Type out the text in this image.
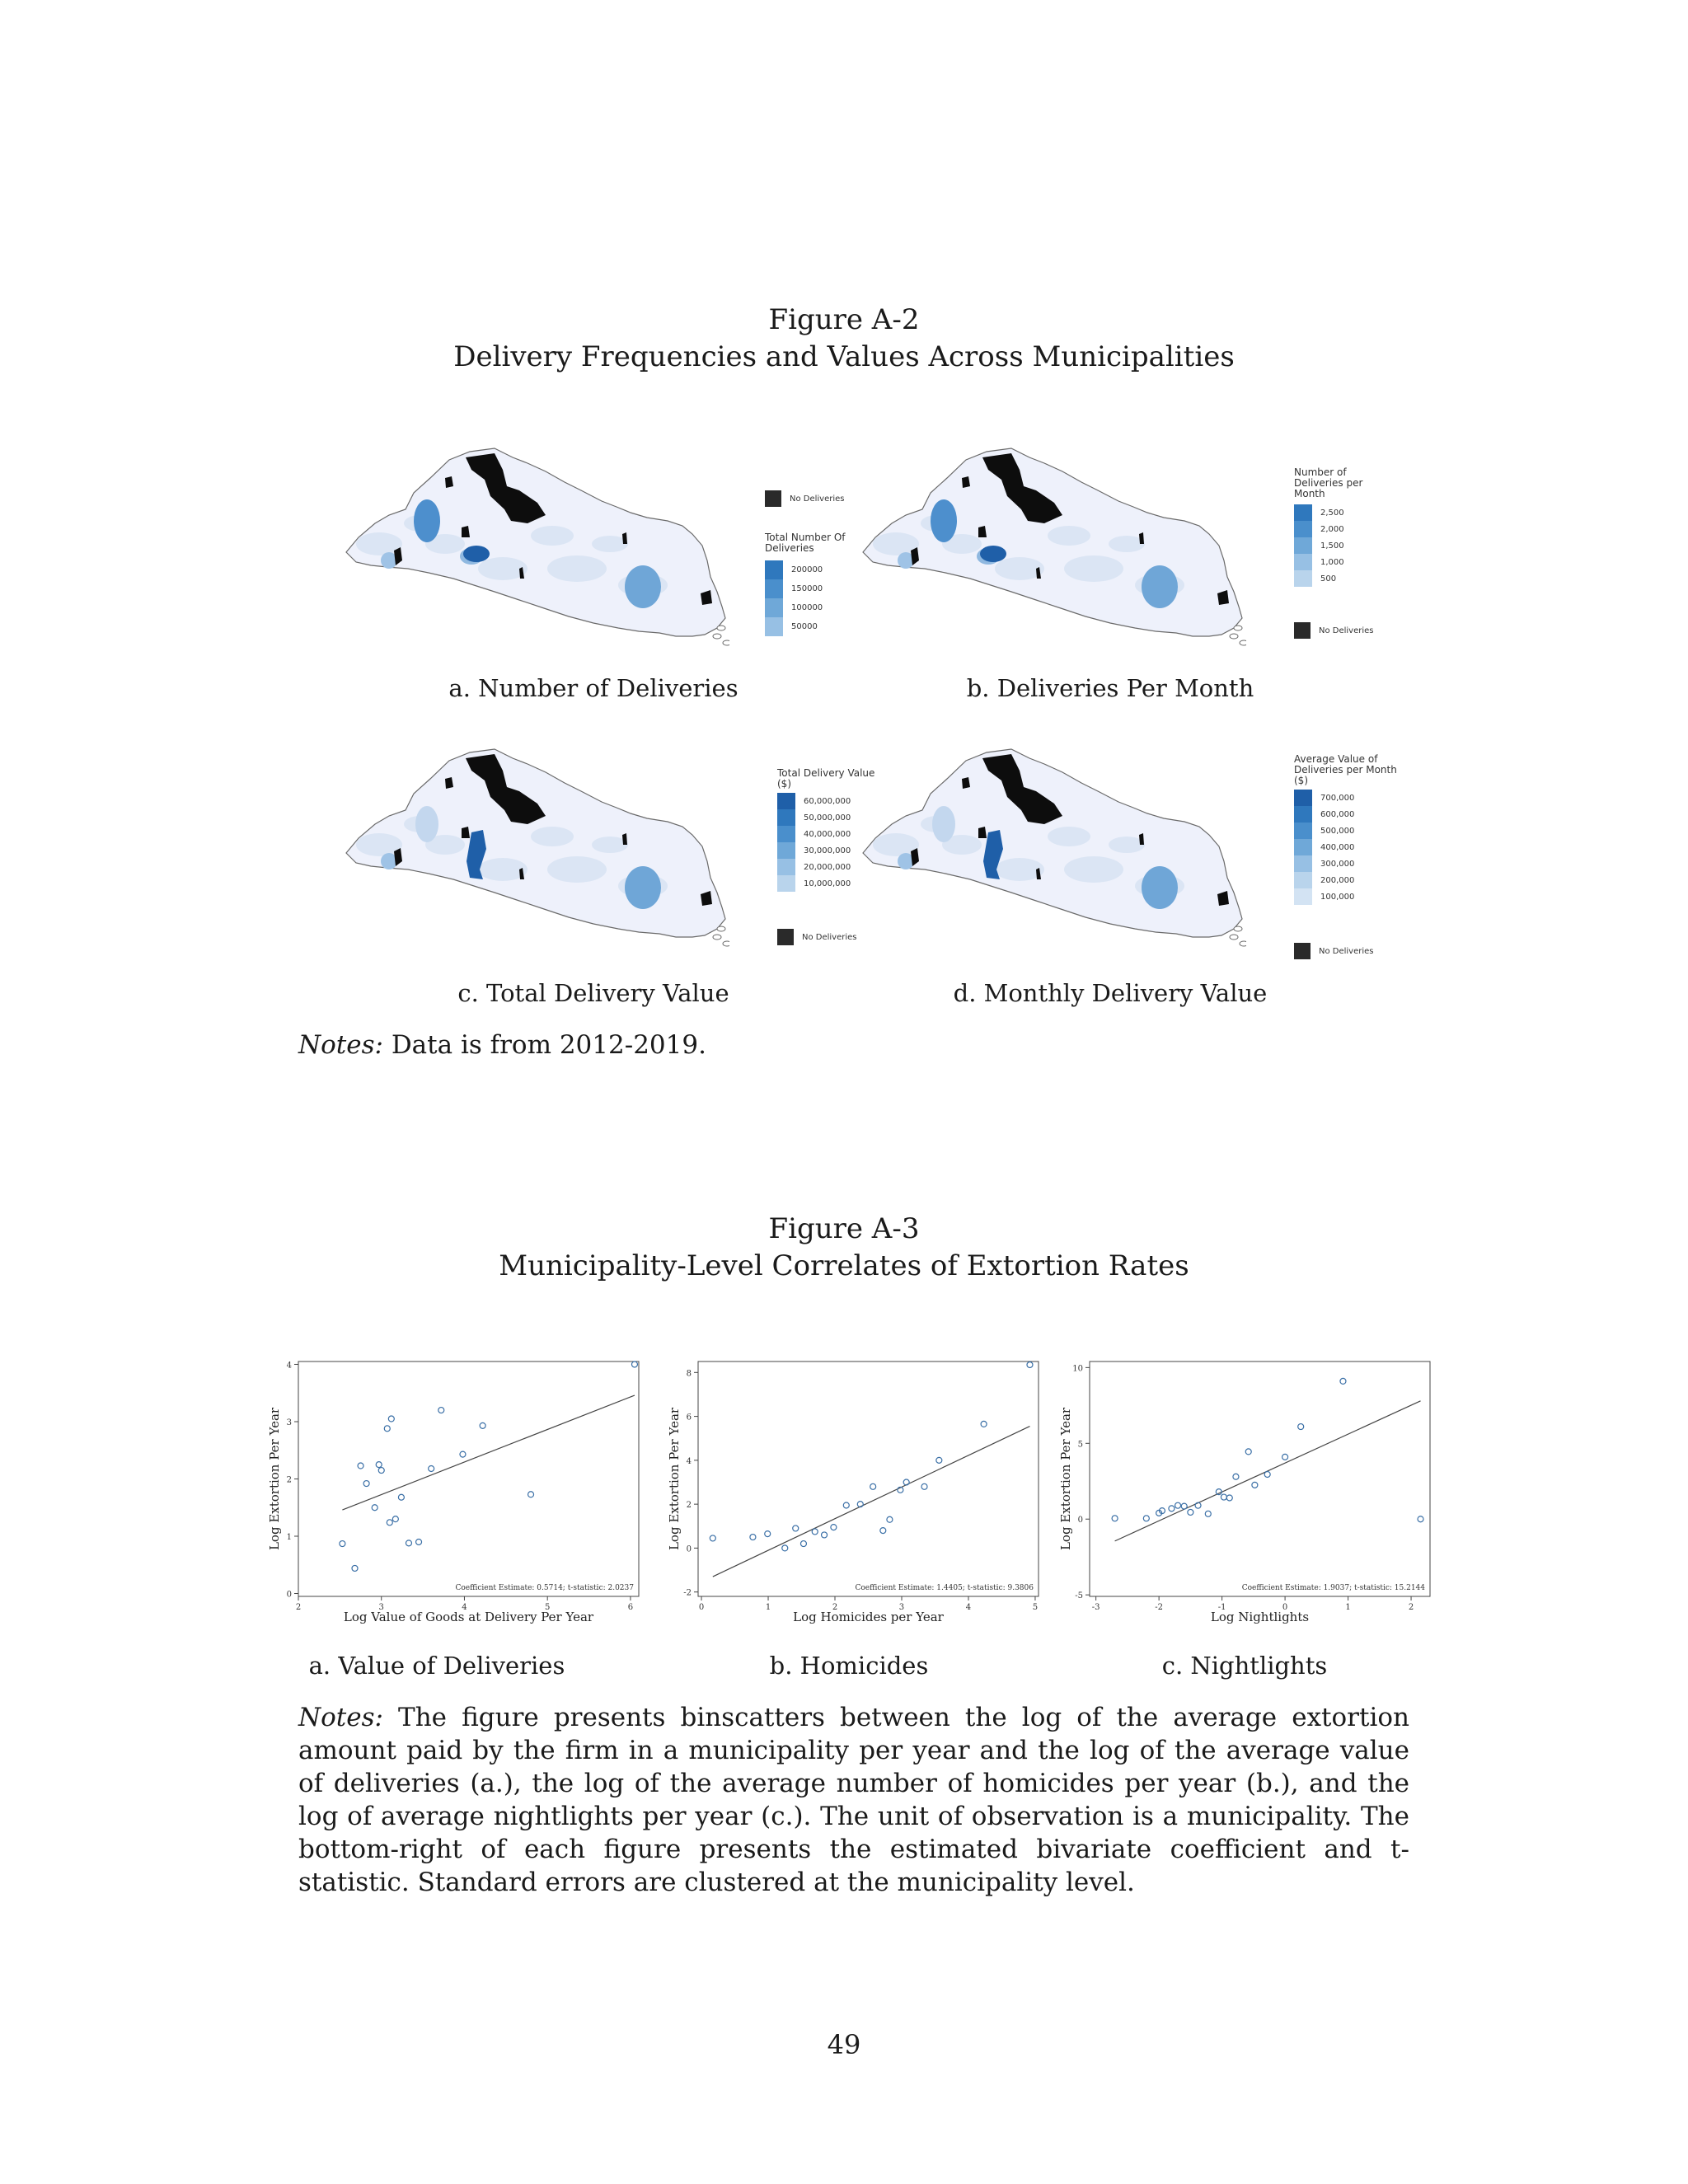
Figure A-2
Delivery Frequencies and Values Across Municipalities
No Deliveries
Total Number Of Deliveries
200000
150000
100000
50000
Number of Deliveries per Month
2,500
2,000
1,500
1,000
500
No Deliveries
Total Delivery Value ($)
60,000,000
50,000,000
40,000,000
30,000,000
20,000,000
10,000,000
No Deliveries
Average Value of Deliveries per Month ($)
700,000
600,000
500,000
400,000
300,000
200,000
100,000
No Deliveries
a. Number of Deliveries	b. Deliveries Per Month
c. Total Delivery Value	d. Monthly Delivery Value
Notes: Data is from 2012-2019.
Figure A-3
Municipality-Level Correlates of Extortion Rates
2	3	4	5	6
0
1
2
3
4
Log Value of Goods at Delivery Per Year
Log Extortion Per Year
Coefficient Estimate: 0.5714; t-statistic: 2.0237
0	1	2	3	4	5
-2
0
2
4
6
8
Log Homicides per Year
Log Extortion Per Year
Coefficient Estimate: 1.4405; t-statistic: 9.3806
-3	-2	-1	0	1	2
-5
0
5
10
Log Nightlights
Log Extortion Per Year
Coefficient Estimate: 1.9037; t-statistic: 15.2144
a. Value of Deliveries	b. Homicides	c. Nightlights
Notes: The figure presents binscatters between the log of the average extortion amount paid by the firm in a municipality per year and the log of the average value of deliveries (a.), the log of the average number of homicides per year (b.), and the log of average nightlights per year (c.). The unit of observation is a municipality. The bottom-right of each figure presents the estimated bivariate coefficient and t-statistic. Standard errors are clustered at the municipality level.
49
